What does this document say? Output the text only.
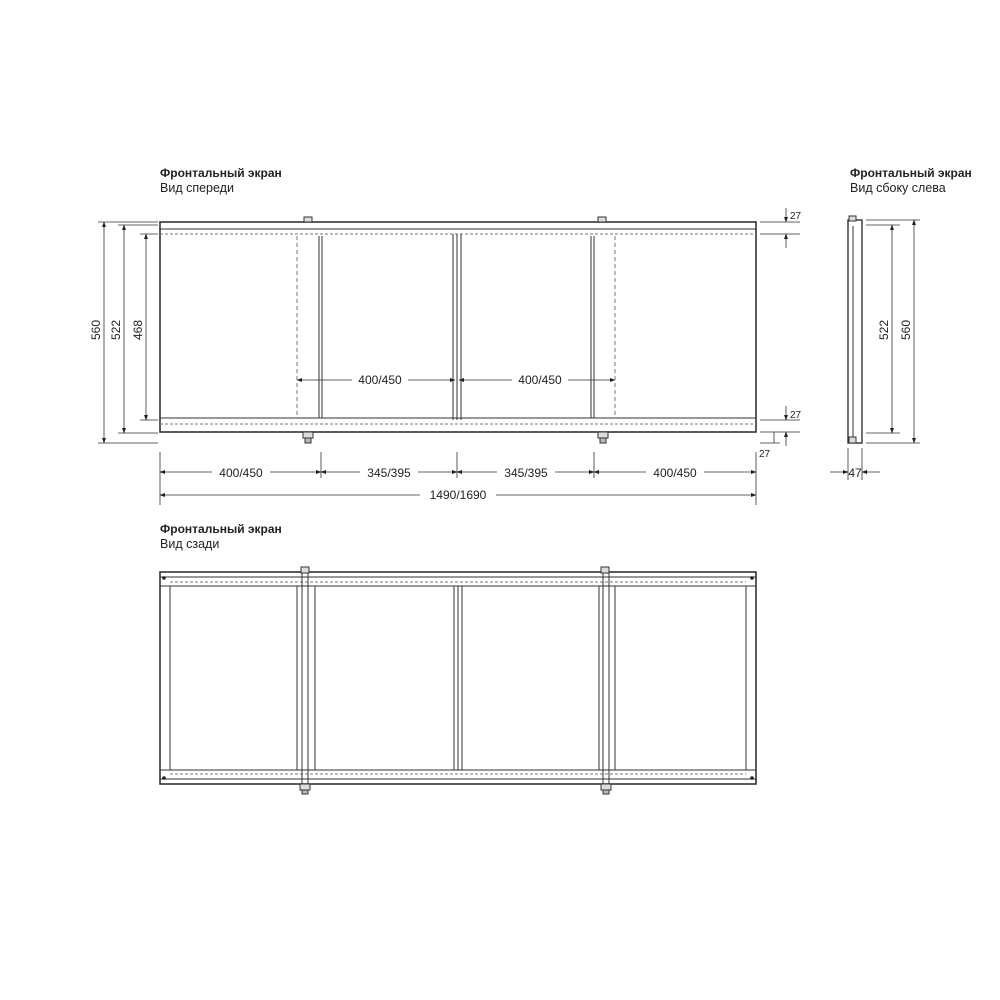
Фронтальный экран
Вид спереди
Фронтальный экран
Вид сбоку слева
Фронтальный экран
Вид сзади
560 522 468
400/450	400/450
27
27
27
400/450	345/395	345/395	400/450
1490/1690
522 560
47
